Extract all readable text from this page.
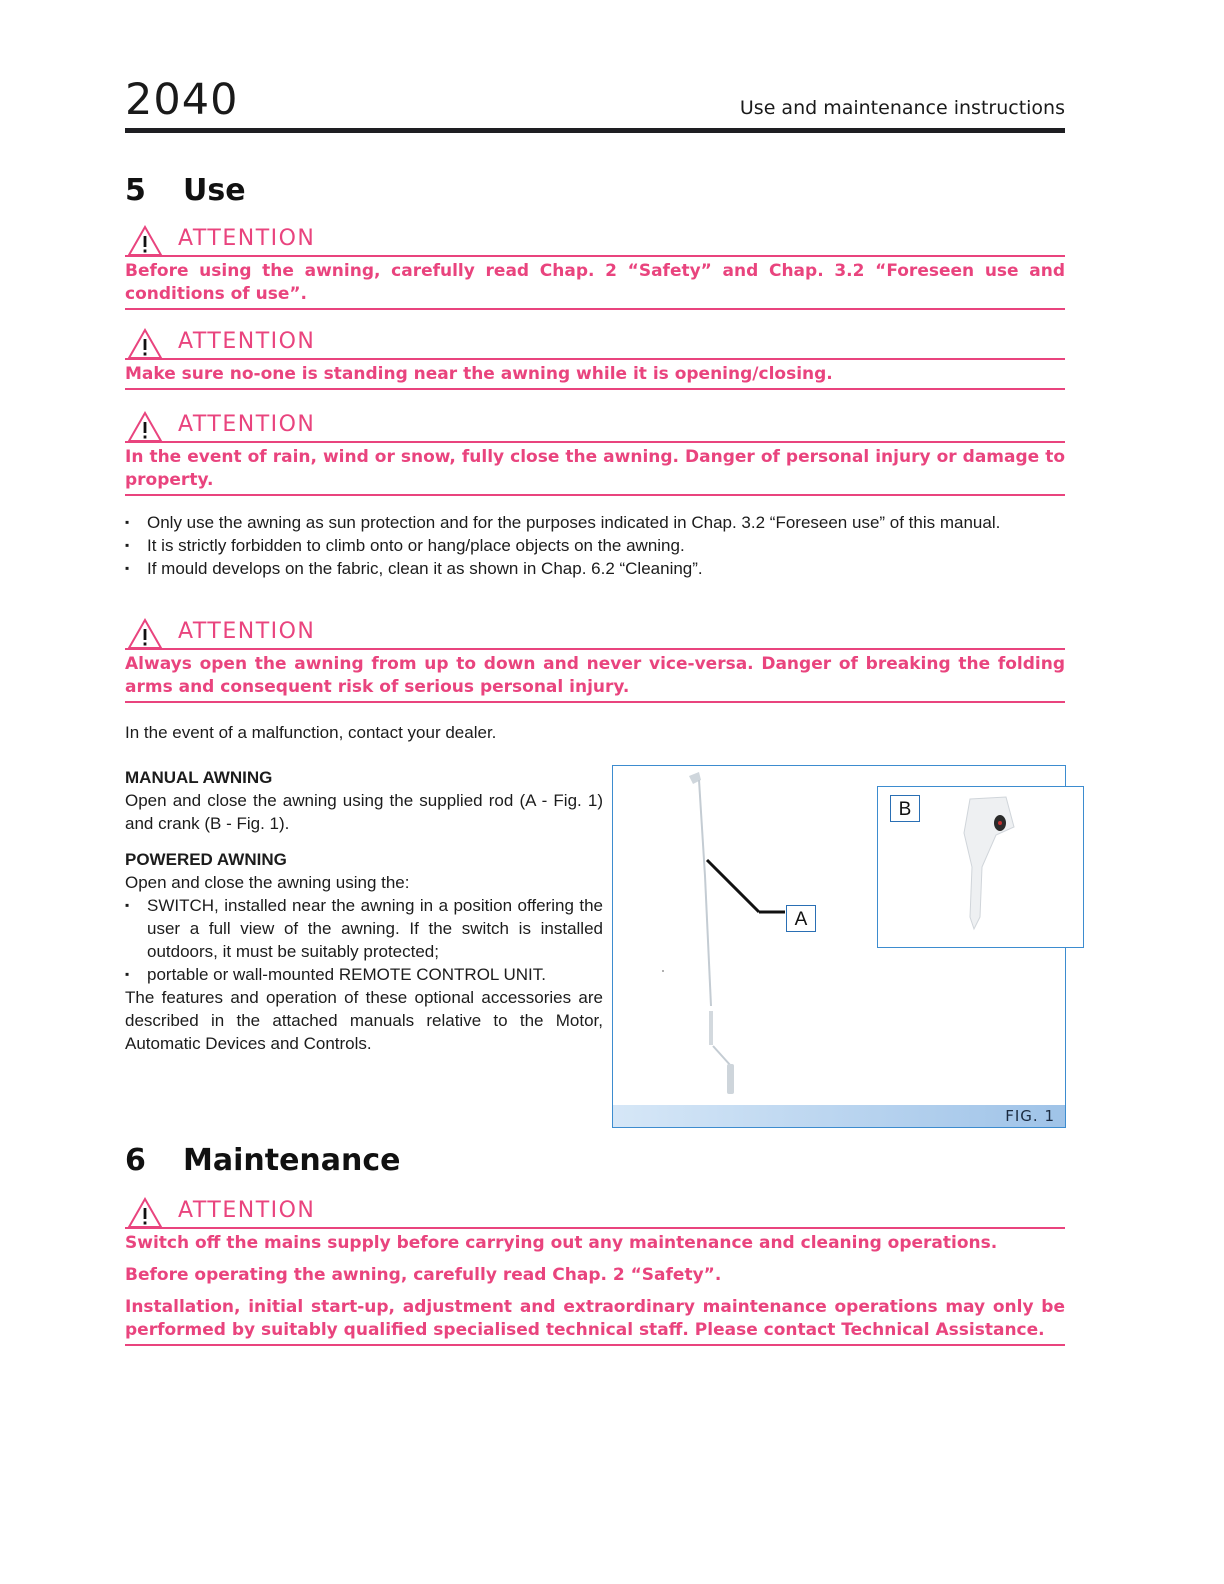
2040	Use and maintenance instructions
5 Use
ATTENTION
Before using the awning, carefully read Chap. 2 “Safety” and Chap. 3.2 “Foreseen use and conditions of use”.
ATTENTION
Make sure no-one is standing near the awning while it is opening/closing.
ATTENTION
In the event of rain, wind or snow, fully close the awning. Danger of personal injury or damage to property.
▪ Only use the awning as sun protection and for the purposes indicated in Chap. 3.2 “Foreseen use” of this manual.
▪ It is strictly forbidden to climb onto or hang/place objects on the awning.
▪ If mould develops on the fabric, clean it as shown in Chap. 6.2 “Cleaning”.
ATTENTION
Always open the awning from up to down and never vice-versa. Danger of breaking the folding arms and consequent risk of serious personal injury.
In the event of a malfunction, contact your dealer.
MANUAL AWNING
Open and close the awning using the supplied rod (A - Fig. 1) and crank (B - Fig. 1).
POWERED AWNING
Open and close the awning using the:
▪ SWITCH, installed near the awning in a position offering the user a full view of the awning. If the switch is installed outdoors, it must be suitably protected;
▪ portable or wall-mounted REMOTE CONTROL UNIT.
The features and operation of these optional accessories are described in the attached manuals relative to the Motor, Automatic Devices and Controls.
A
B
FIG. 1
6 Maintenance
ATTENTION
Switch off the mains supply before carrying out any maintenance and cleaning operations.
Before operating the awning, carefully read Chap. 2 “Safety”.
Installation, initial start-up, adjustment and extraordinary maintenance operations may only be performed by suitably qualified specialised technical staff. Please contact Technical Assistance.
